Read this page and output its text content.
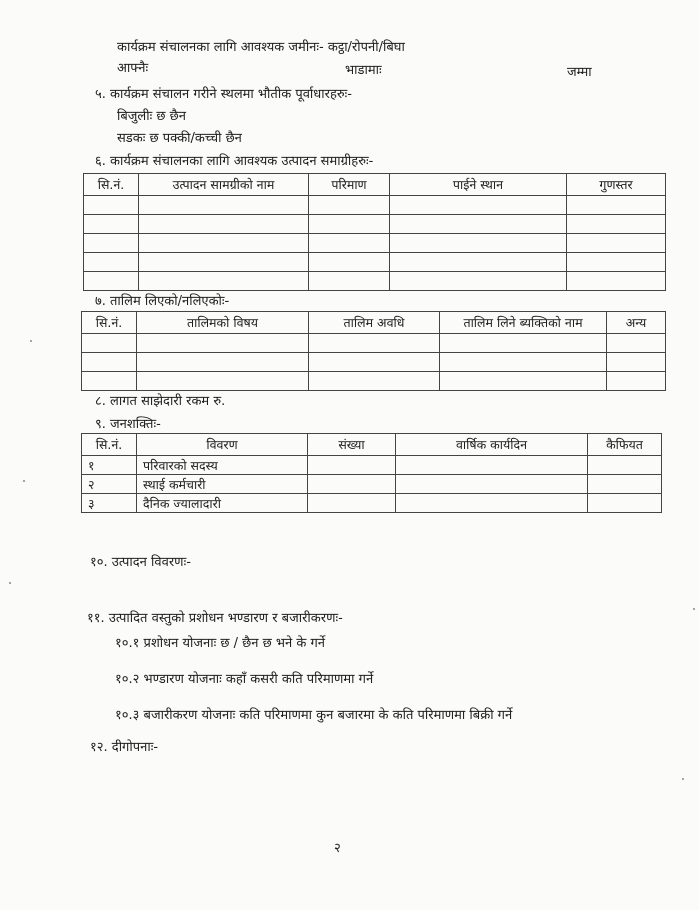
कार्यक्रम संचालनका लागि आवश्यक जमीनः- कट्ठा/रोपनी/बिघा
आफ्नैः	भाडामाः	जम्मा
५. कार्यक्रम संचालन गरीने स्थलमा भौतीक पूर्वाधारहरुः-
बिजुलीः छ छैन
सडकः छ पक्की/कच्ची छैन
६. कार्यक्रम संचालनका लागि आवश्यक उत्पादन समाग्रीहरुः-
सि.नं.	उत्पादन सामग्रीको नाम	परिमाण	पाईने स्थान	गुणस्तर

७. तालिम लिएको/नलिएकोः-
सि.नं.	तालिमको विषय	तालिम अवधि	तालिम लिने ब्यक्तिको नाम	अन्य

८. लागत साझेदारी रकम रु.
९. जनशक्तिः-
सि.नं.	विवरण	संख्या	वार्षिक कार्यदिन	कैफियत
१	परिवारको सदस्य			
२	स्थाई कर्मचारी			
३	दैनिक ज्यालादारी			
१०. उत्पादन विवरणः-
११. उत्पादित वस्तुको प्रशोधन भण्डारण र बजारीकरणः-
१०.१ प्रशोधन योजनाः छ / छैन छ भने के गर्ने
१०.२ भण्डारण योजनाः कहाँ कसरी कति परिमाणमा गर्ने
१०.३ बजारीकरण योजनाः कति परिमाणमा कुन बजारमा के कति परिमाणमा बिक्री गर्ने
१२. दीगोपनाः-
२
